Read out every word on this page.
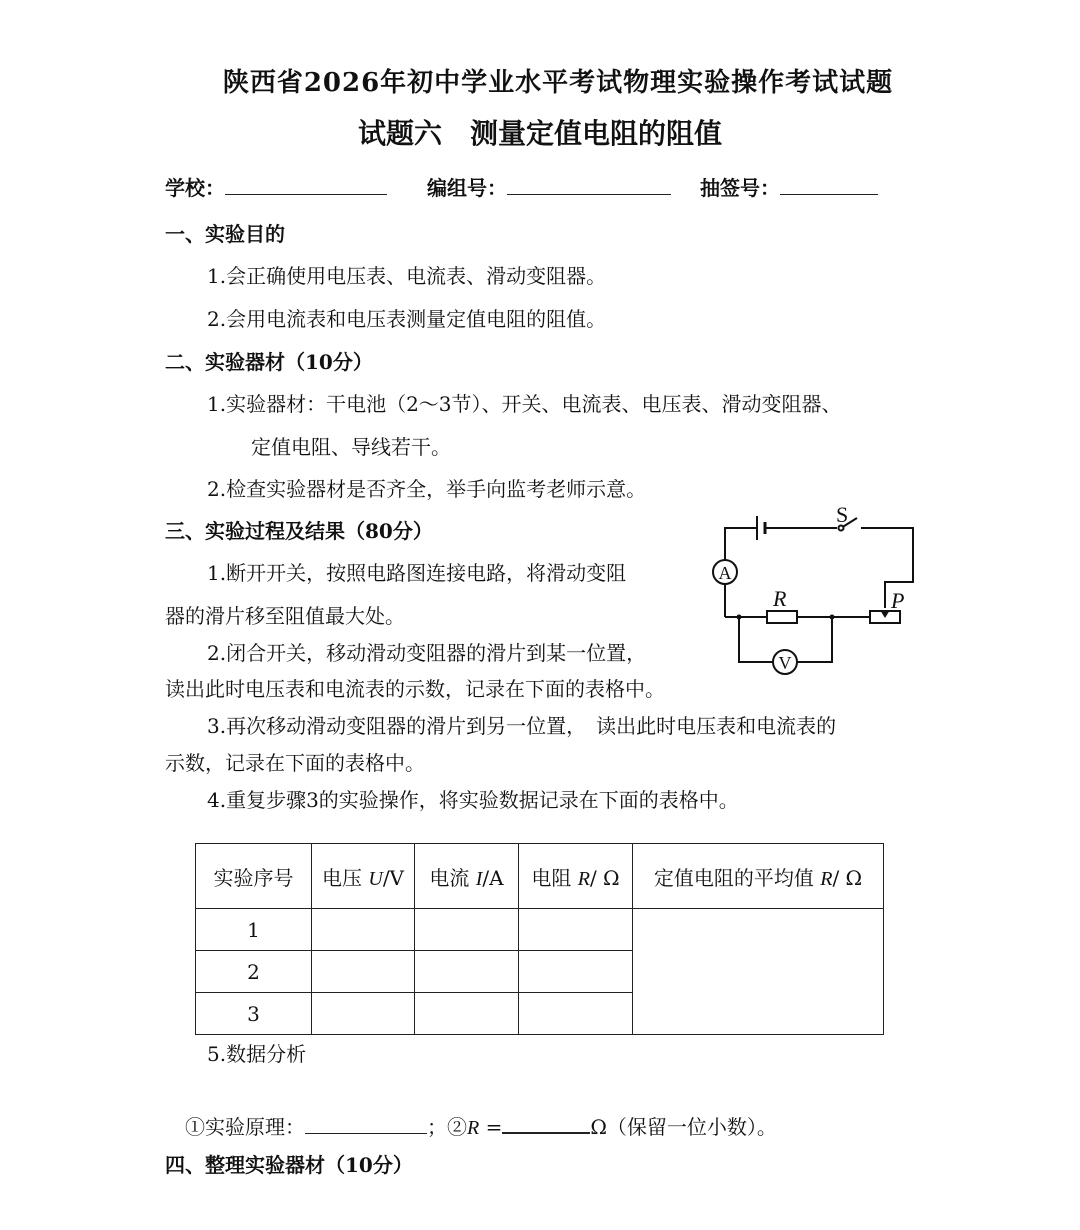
陕西省2026年初中学业水平考试物理实验操作考试试题
试题六　测量定值电阻的阻值
学校：	编组号：	抽签号：
一、实验目的
1.会正确使用电压表、电流表、滑动变阻器。
2.会用电流表和电压表测量定值电阻的阻值。
二、实验器材（10分）
1.实验器材：干电池（2～3节）、开关、电流表、电压表、滑动变阻器、
定值电阻、导线若干。
2.检查实验器材是否齐全，举手向监考老师示意。
三、实验过程及结果（80分）
1.断开开关，按照电路图连接电路，将滑动变阻
器的滑片移至阻值最大处。
2.闭合开关，移动滑动变阻器的滑片到某一位置，
读出此时电压表和电流表的示数，记录在下面的表格中。
3.再次移动滑动变阻器的滑片到另一位置，　读出此时电压表和电流表的
示数，记录在下面的表格中。
4.重复步骤3的实验操作，将实验数据记录在下面的表格中。
A
V
S
R	P
实验序号	电压 U/V	电流 I/A	电阻 R/ Ω	定值电阻的平均值 R/ Ω
1				
2				
3				
5.数据分析
①实验原理：	；②R =	Ω（保留一位小数）。
四、整理实验器材（10分）
